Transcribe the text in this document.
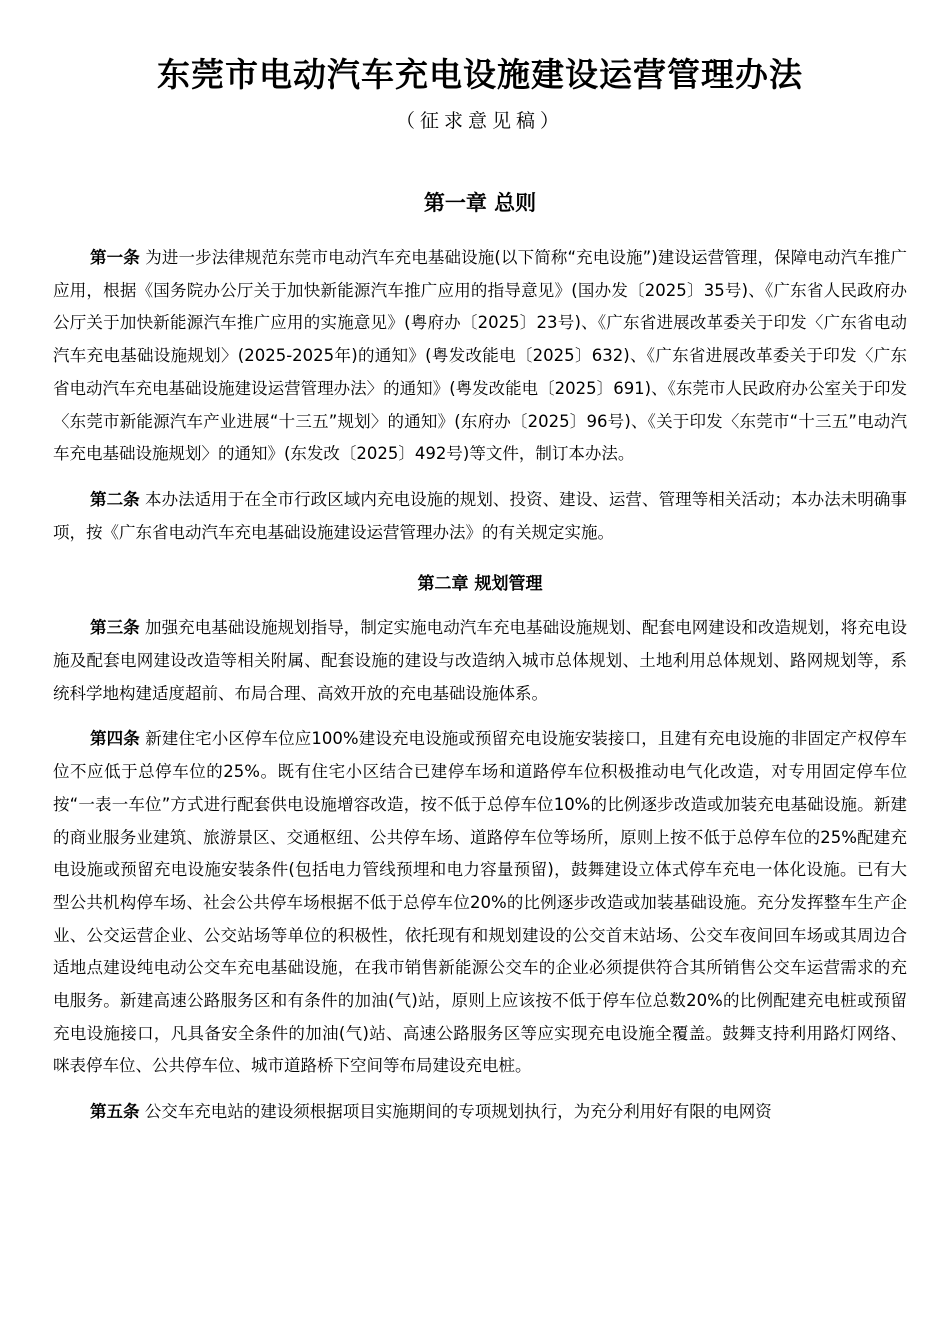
东莞市电动汽车充电设施建设运营管理办法
（征求意见稿）
第一章 总则

第一条 为进一步法律规范东莞市电动汽车充电基础设施(以下简称“充电设施”)建设运营管理，保障电动汽车推广应用，根据《国务院办公厅关于加快新能源汽车推广应用的指导意见》(国办发〔2025〕35号)、《广东省人民政府办公厅关于加快新能源汽车推广应用的实施意见》(粤府办〔2025〕23号)、《广东省进展改革委关于印发〈广东省电动汽车充电基础设施规划〉(2025-2025年)的通知》(粤发改能电〔2025〕632)、《广东省进展改革委关于印发〈广东省电动汽车充电基础设施建设运营管理办法〉的通知》(粤发改能电〔2025〕691)、《东莞市人民政府办公室关于印发〈东莞市新能源汽车产业进展“十三五”规划〉的通知》(东府办〔2025〕96号)、《关于印发〈东莞市“十三五”电动汽车充电基础设施规划〉的通知》(东发改〔2025〕492号)等文件，制订本办法。

第二条 本办法适用于在全市行政区域内充电设施的规划、投资、建设、运营、管理等相关活动；本办法未明确事项，按《广东省电动汽车充电基础设施建设运营管理办法》的有关规定实施。

第二章 规划管理

第三条 加强充电基础设施规划指导，制定实施电动汽车充电基础设施规划、配套电网建设和改造规划，将充电设施及配套电网建设改造等相关附属、配套设施的建设与改造纳入城市总体规划、土地利用总体规划、路网规划等，系统科学地构建适度超前、布局合理、高效开放的充电基础设施体系。

第四条 新建住宅小区停车位应100%建设充电设施或预留充电设施安装接口，且建有充电设施的非固定产权停车位不应低于总停车位的25%。既有住宅小区结合已建停车场和道路停车位积极推动电气化改造，对专用固定停车位按“一表一车位”方式进行配套供电设施增容改造，按不低于总停车位10%的比例逐步改造或加装充电基础设施。新建的商业服务业建筑、旅游景区、交通枢纽、公共停车场、道路停车位等场所，原则上按不低于总停车位的25%配建充电设施或预留充电设施安装条件(包括电力管线预埋和电力容量预留)，鼓舞建设立体式停车充电一体化设施。已有大型公共机构停车场、社会公共停车场根据不低于总停车位20%的比例逐步改造或加装基础设施。充分发挥整车生产企业、公交运营企业、公交站场等单位的积极性，依托现有和规划建设的公交首末站场、公交车夜间回车场或其周边合适地点建设纯电动公交车充电基础设施，在我市销售新能源公交车的企业必须提供符合其所销售公交车运营需求的充电服务。新建高速公路服务区和有条件的加油(气)站，原则上应该按不低于停车位总数20%的比例配建充电桩或预留充电设施接口，凡具备安全条件的加油(气)站、高速公路服务区等应实现充电设施全覆盖。鼓舞支持利用路灯网络、咪表停车位、公共停车位、城市道路桥下空间等布局建设充电桩。

第五条 公交车充电站的建设须根据项目实施期间的专项规划执行，为充分利用好有限的电网资
